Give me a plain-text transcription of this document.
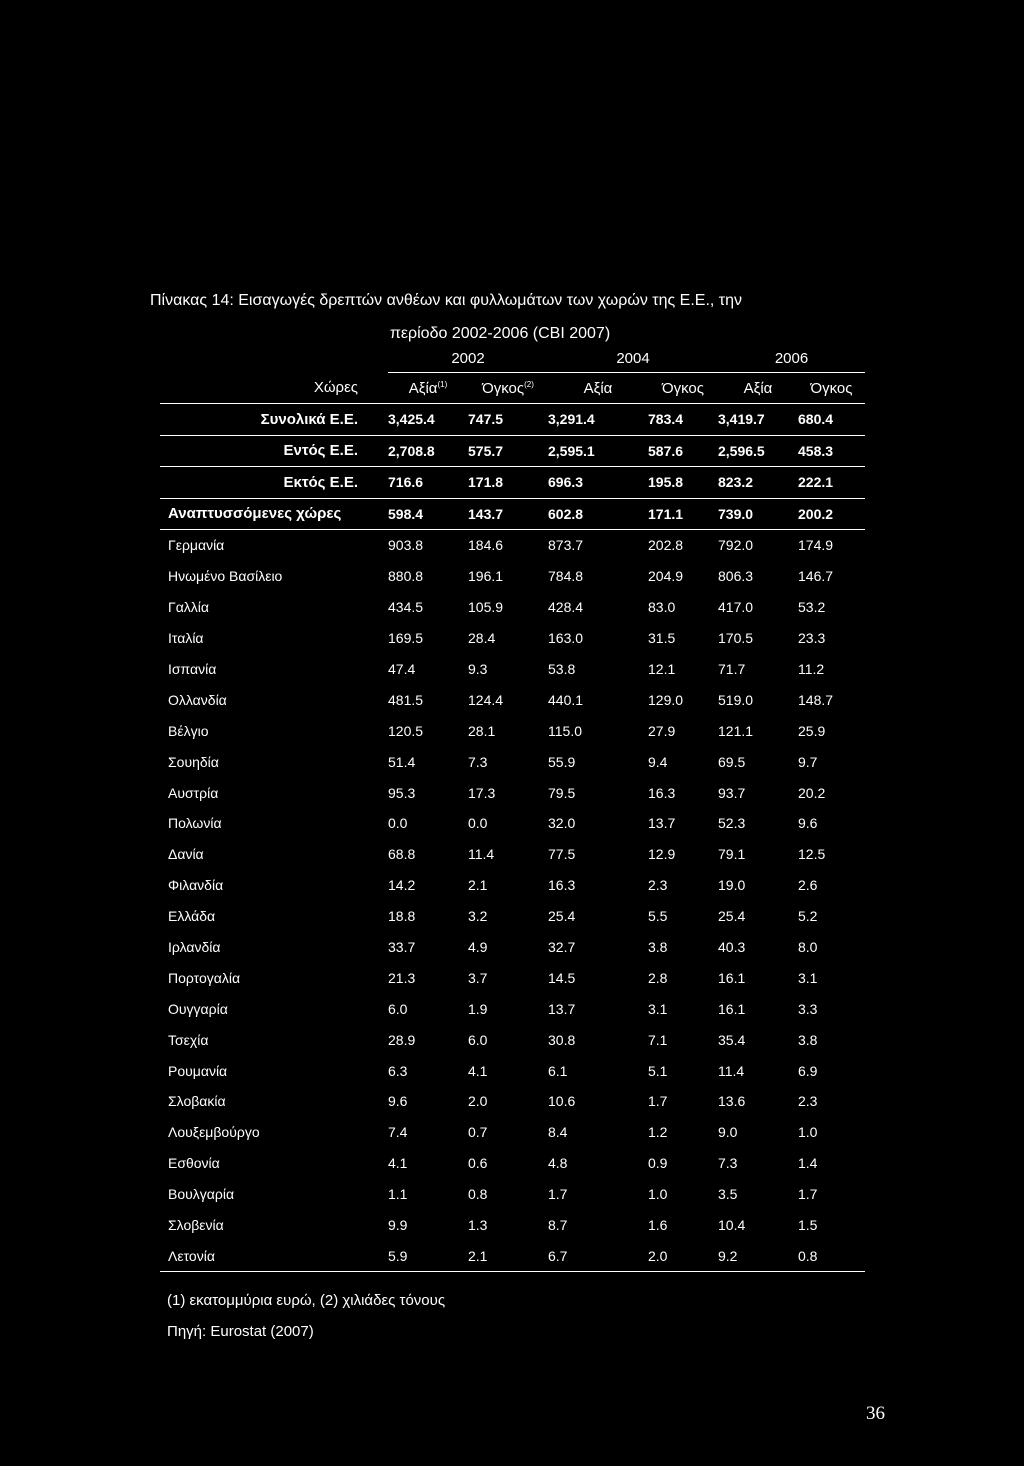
Πίνακας 14: Εισαγωγές δρεπτών ανθέων και φυλλωμάτων των χωρών της Ε.Ε., την
περίοδο 2002-2006 (CBI 2007)
	2002		2004		2006	
Χώρες	Αξία$^{(1)}$	Όγκος$^{(2)}$	Αξία	Όγκος	Αξία	Όγκος
Συνολικά Ε.Ε.	3,425.4	747.5	3,291.4	783.4	3,419.7	680.4
Εντός Ε.Ε.	2,708.8	575.7	2,595.1	587.6	2,596.5	458.3
Εκτός Ε.Ε.	716.6	171.8	696.3	195.8	823.2	222.1
Αναπτυσσόμενες χώρες	598.4	143.7	602.8	171.1	739.0	200.2
Γερμανία	903.8	184.6	873.7	202.8	792.0	174.9
Ηνωμένο Βασίλειο	880.8	196.1	784.8	204.9	806.3	146.7
Γαλλία	434.5	105.9	428.4	83.0	417.0	53.2
Ιταλία	169.5	28.4	163.0	31.5	170.5	23.3
Ισπανία	47.4	9.3	53.8	12.1	71.7	11.2
Ολλανδία	481.5	124.4	440.1	129.0	519.0	148.7
Βέλγιο	120.5	28.1	115.0	27.9	121.1	25.9
Σουηδία	51.4	7.3	55.9	9.4	69.5	9.7
Αυστρία	95.3	17.3	79.5	16.3	93.7	20.2
Πολωνία	0.0	0.0	32.0	13.7	52.3	9.6
Δανία	68.8	11.4	77.5	12.9	79.1	12.5
Φιλανδία	14.2	2.1	16.3	2.3	19.0	2.6
Ελλάδα	18.8	3.2	25.4	5.5	25.4	5.2
Ιρλανδία	33.7	4.9	32.7	3.8	40.3	8.0
Πορτογαλία	21.3	3.7	14.5	2.8	16.1	3.1
Ουγγαρία	6.0	1.9	13.7	3.1	16.1	3.3
Τσεχία	28.9	6.0	30.8	7.1	35.4	3.8
Ρουμανία	6.3	4.1	6.1	5.1	11.4	6.9
Σλοβακία	9.6	2.0	10.6	1.7	13.6	2.3
Λουξεμβούργο	7.4	0.7	8.4	1.2	9.0	1.0
Εσθονία	4.1	0.6	4.8	0.9	7.3	1.4
Βουλγαρία	1.1	0.8	1.7	1.0	3.5	1.7
Σλοβενία	9.9	1.3	8.7	1.6	10.4	1.5
Λετονία	5.9	2.1	6.7	2.0	9.2	0.8
(1) εκατομμύρια ευρώ, (2) χιλιάδες τόνους
Πηγή: Eurostat (2007)
36
